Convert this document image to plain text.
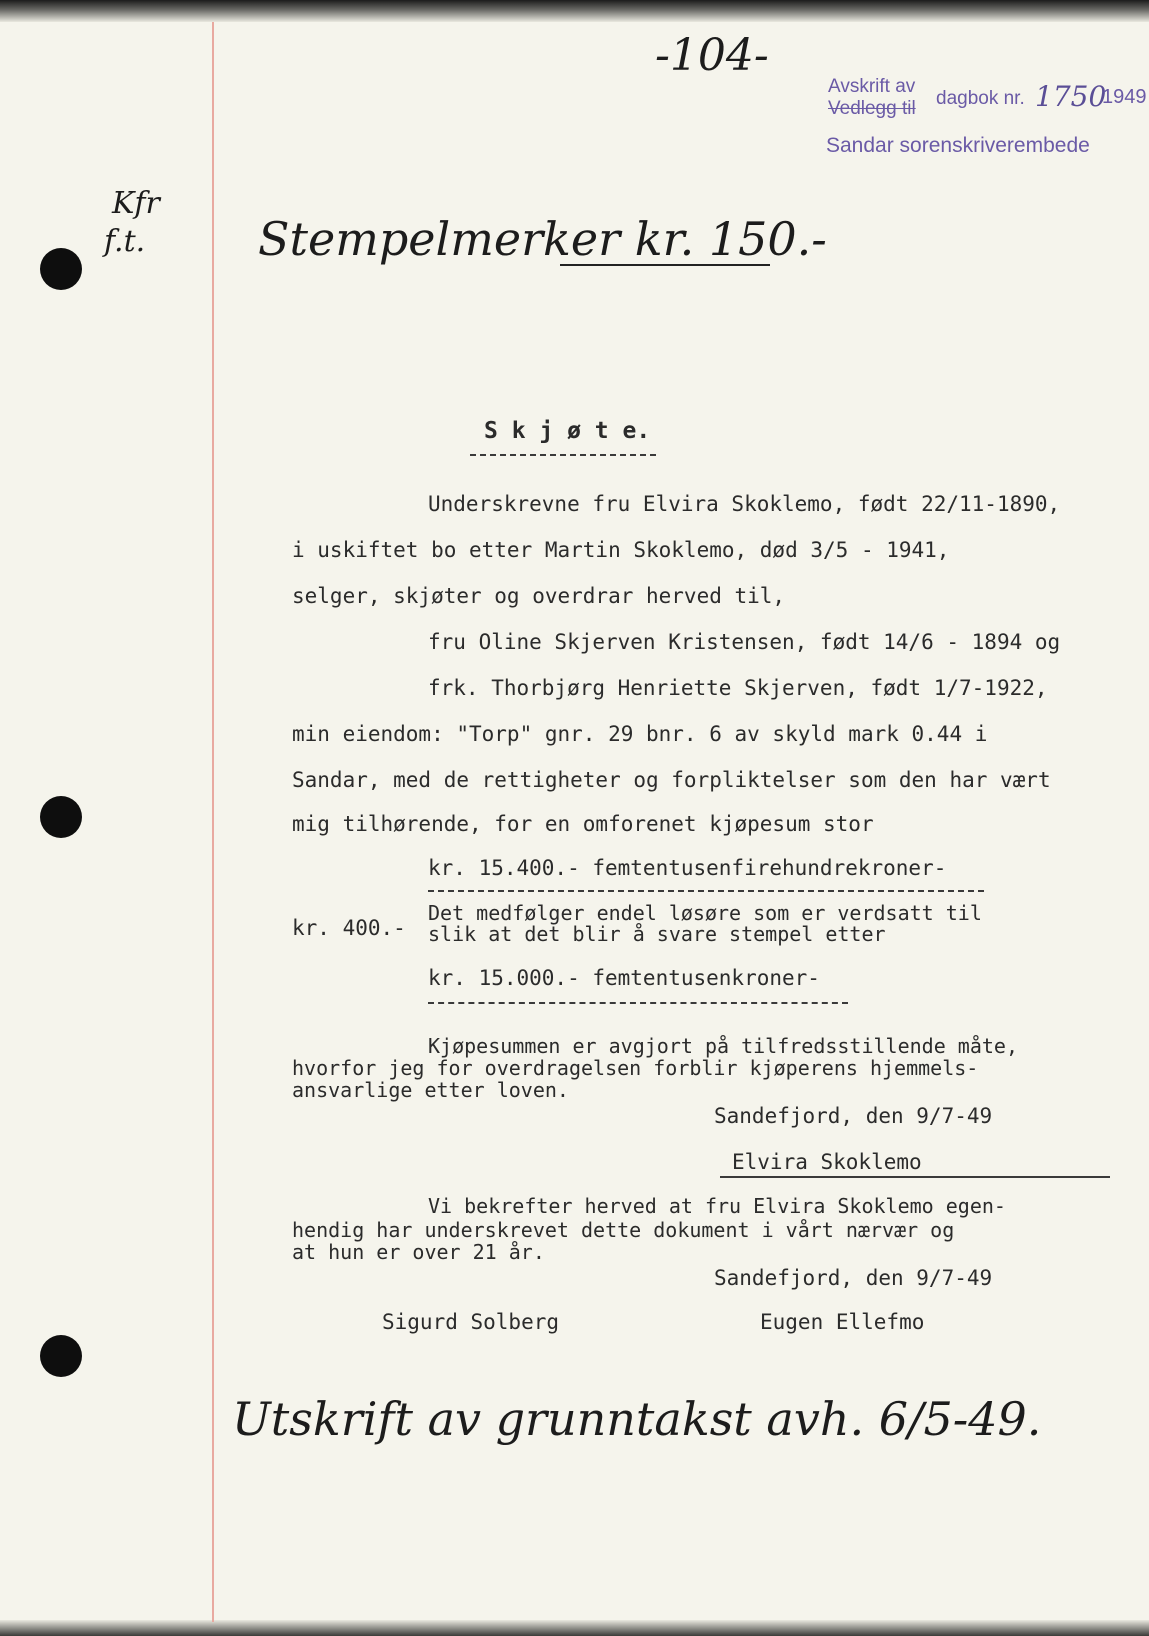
-104-
Avskrift av
Vedlegg til dagbok nr. 1750
1949
Sandar sorenskriverembede
Kfr
f.t. Stempelmerker kr. 150.-
S k j ø t e.
Underskrevne fru Elvira Skoklemo, født 22/11-1890,
i uskiftet bo etter Martin Skoklemo, død 3/5 - 1941,
selger, skjøter og overdrar herved til,
fru Oline Skjerven Kristensen, født 14/6 - 1894 og
frk. Thorbjørg Henriette Skjerven, født 1/7-1922,
min eiendom: "Torp" gnr. 29 bnr. 6 av skyld mark 0.44 i
Sandar, med de rettigheter og forpliktelser som den har vært
mig tilhørende, for en omforenet kjøpesum stor
kr. 15.400.- femtentusenfirehundrekroner-
Det medfølger endel løsøre som er verdsatt til
kr. 400.- slik at det blir å svare stempel etter
kr. 15.000.- femtentusenkroner-
Kjøpesummen er avgjort på tilfredsstillende måte,
hvorfor jeg for overdragelsen forblir kjøperens hjemmels-
ansvarlige etter loven.
Sandefjord, den 9/7-49
Elvira Skoklemo
Vi bekrefter herved at fru Elvira Skoklemo egen-
hendig har underskrevet dette dokument i vårt nærvær og
at hun er over 21 år.
Sandefjord, den 9/7-49
Sigurd Solberg	Eugen Ellefmo
Utskrift av grunntakst avh. 6/5-49.
